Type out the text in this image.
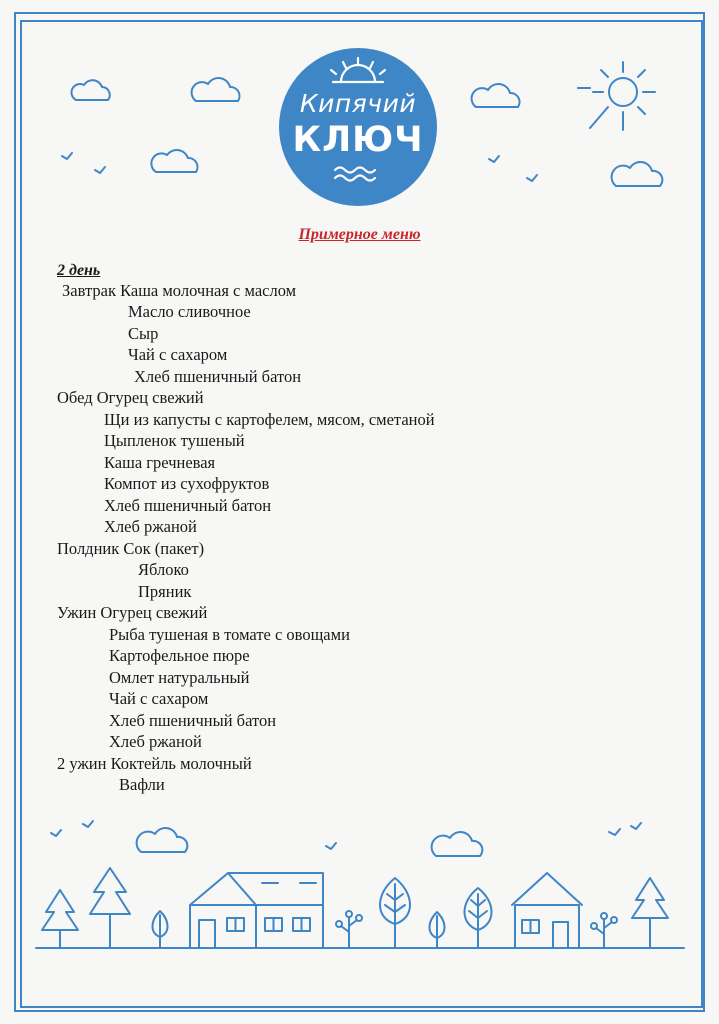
Кипячий
КЛЮЧ
Примерное меню
2 день
Завтрак Каша молочная с маслом
Масло сливочное
Сыр
Чай с сахаром
Хлеб пшеничный батон
Обед Огурец свежий
Щи из капусты с картофелем, мясом, сметаной
Цыпленок тушеный
Каша гречневая
Компот из сухофруктов
Хлеб пшеничный батон
Хлеб ржаной
Полдник Сок (пакет)
Яблоко
Пряник
Ужин Огурец свежий
Рыба тушеная в томате с овощами
Картофельное пюре
Омлет натуральный
Чай с сахаром
Хлеб пшеничный батон
Хлеб ржаной
2 ужин Коктейль молочный
Вафли
